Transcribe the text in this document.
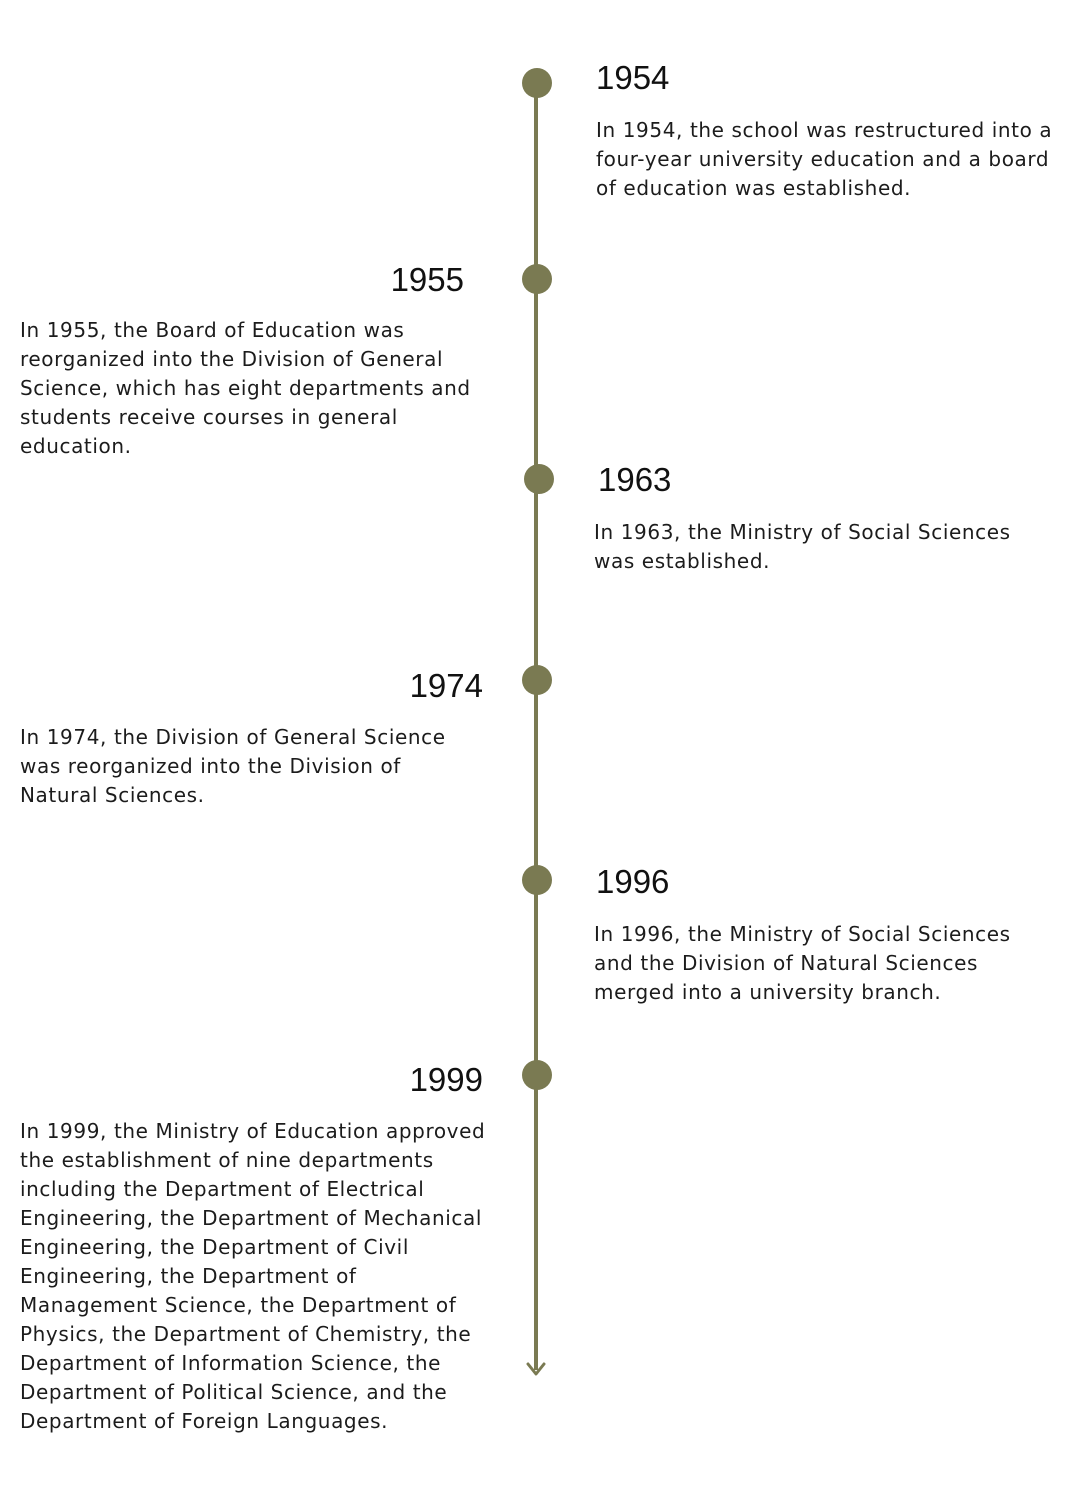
1954
In 1954, the school was restructured into a four-year university education and a board of education was established.
1955
In 1955, the Board of Education was reorganized into the Division of General Science, which has eight departments and students receive courses in general education.
1963
In 1963, the Ministry of Social Sciences was established.
1974
In 1974, the Division of General Science was reorganized into the Division of Natural Sciences.
1996
In 1996, the Ministry of Social Sciences and the Division of Natural Sciences merged into a university branch.
1999
In 1999, the Ministry of Education approved the establishment of nine departments including the Department of Electrical Engineering, the Department of Mechanical Engineering, the Department of Civil Engineering, the Department of Management Science, the Department of Physics, the Department of Chemistry, the Department of Information Science, the Department of Political Science, and the Department of Foreign Languages.
